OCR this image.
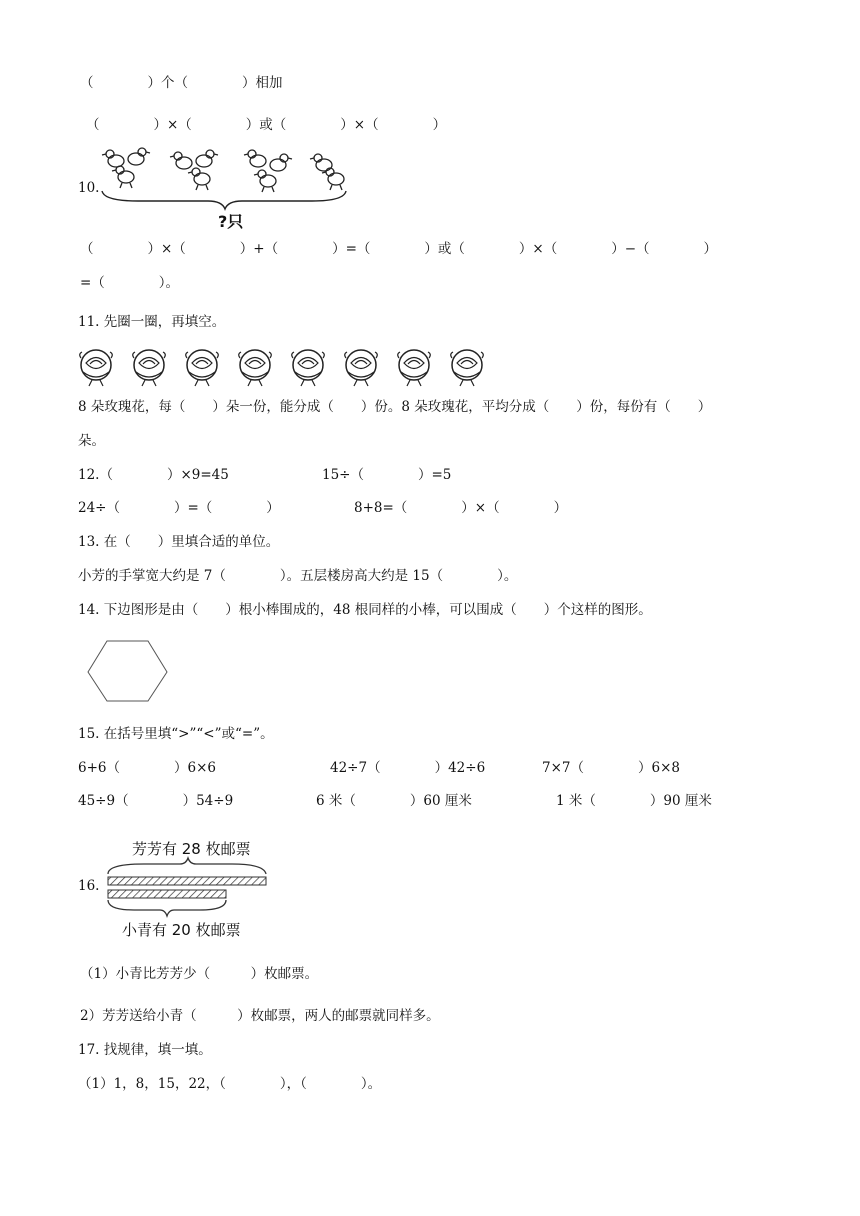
（　　　　）个（　　　　）相加
（　　　　）×（　　　　）或（　　　　）×（　　　　）
10.
?只
（　　　　）×（　　　　）+（　　　　）=（　　　　）或（　　　　）×（　　　　）−（　　　　）
=（　　　　）。
11. 先圈一圈，再填空。
8 朵玫瑰花，每（　　）朵一份，能分成（　　）份。8 朵玫瑰花，平均分成（　　）份，每份有（　　）
朵。
12.（　　　　）×9=45	15÷（　　　　）=5
24÷（　　　　）=（　　　　）	8+8=（　　　　）×（　　　　）
13. 在（　　）里填合适的单位。
小芳的手掌宽大约是 7（　　　　）。五层楼房高大约是 15（　　　　）。
14. 下边图形是由（　　）根小棒围成的，48 根同样的小棒，可以围成（　　）个这样的图形。
15. 在括号里填“>”“<”或“=”。
6+6（　　　　）6×6	42÷7（　　　　）42÷6	7×7（　　　　）6×8
45÷9（　　　　）54÷9	6 米（　　　　）60 厘米	1 米（　　　　）90 厘米
16.
芳芳有 28 枚邮票
小青有 20 枚邮票
（1）小青比芳芳少（　　　）枚邮票。
2）芳芳送给小青（　　　）枚邮票，两人的邮票就同样多。
17. 找规律，填一填。
（1）1，8，15，22，（　　　　），（　　　　）。
